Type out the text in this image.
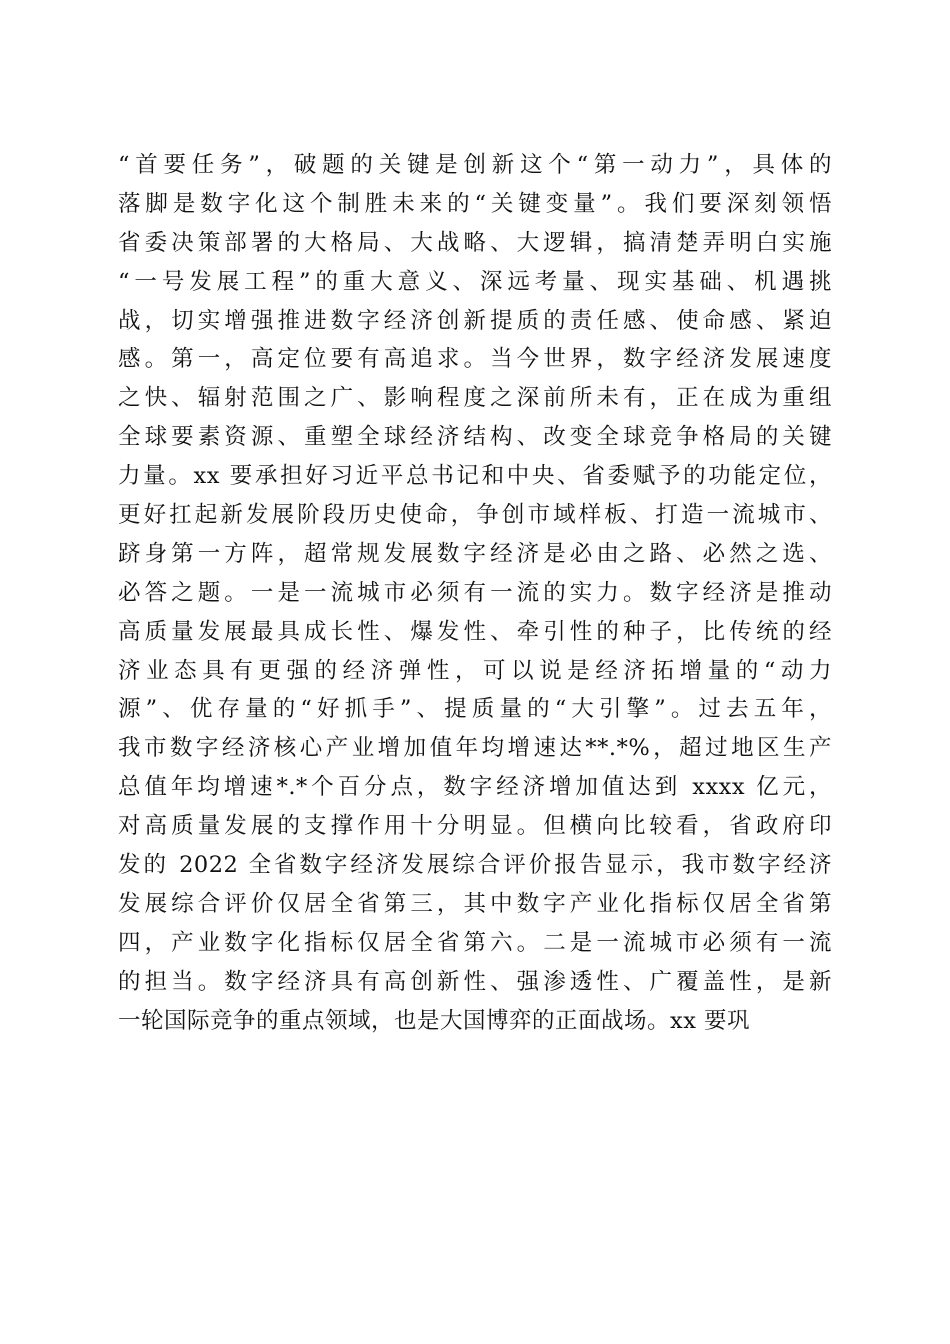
“首要任务”，破题的关键是创新这个“第一动力”，具体的
落脚是数字化这个制胜未来的“关键变量”。我们要深刻领悟
省委决策部署的大格局、大战略、大逻辑，搞清楚弄明白实施
“一号发展工程”的重大意义、深远考量、现实基础、机遇挑
战，切实增强推进数字经济创新提质的责任感、使命感、紧迫
感。第一，高定位要有高追求。当今世界，数字经济发展速度
之快、辐射范围之广、影响程度之深前所未有，正在成为重组
全球要素资源、重塑全球经济结构、改变全球竞争格局的关键
力量。xx 要承担好习近平总书记和中央、省委赋予的功能定位，
更好扛起新发展阶段历史使命，争创市域样板、打造一流城市、
跻身第一方阵，超常规发展数字经济是必由之路、必然之选、
必答之题。一是一流城市必须有一流的实力。数字经济是推动
高质量发展最具成长性、爆发性、牵引性的种子，比传统的经
济业态具有更强的经济弹性，可以说是经济拓增量的“动力
源”、优存量的“好抓手”、提质量的“大引擎”。过去五年，
我市数字经济核心产业增加值年均增速达**.*%，超过地区生产
总值年均增速*.*个百分点，数字经济增加值达到 xxxx 亿元，
对高质量发展的支撑作用十分明显。但横向比较看，省政府印
发的 2022 全省数字经济发展综合评价报告显示，我市数字经济
发展综合评价仅居全省第三，其中数字产业化指标仅居全省第
四，产业数字化指标仅居全省第六。二是一流城市必须有一流
的担当。数字经济具有高创新性、强渗透性、广覆盖性，是新
一轮国际竞争的重点领域，也是大国博弈的正面战场。xx 要巩
